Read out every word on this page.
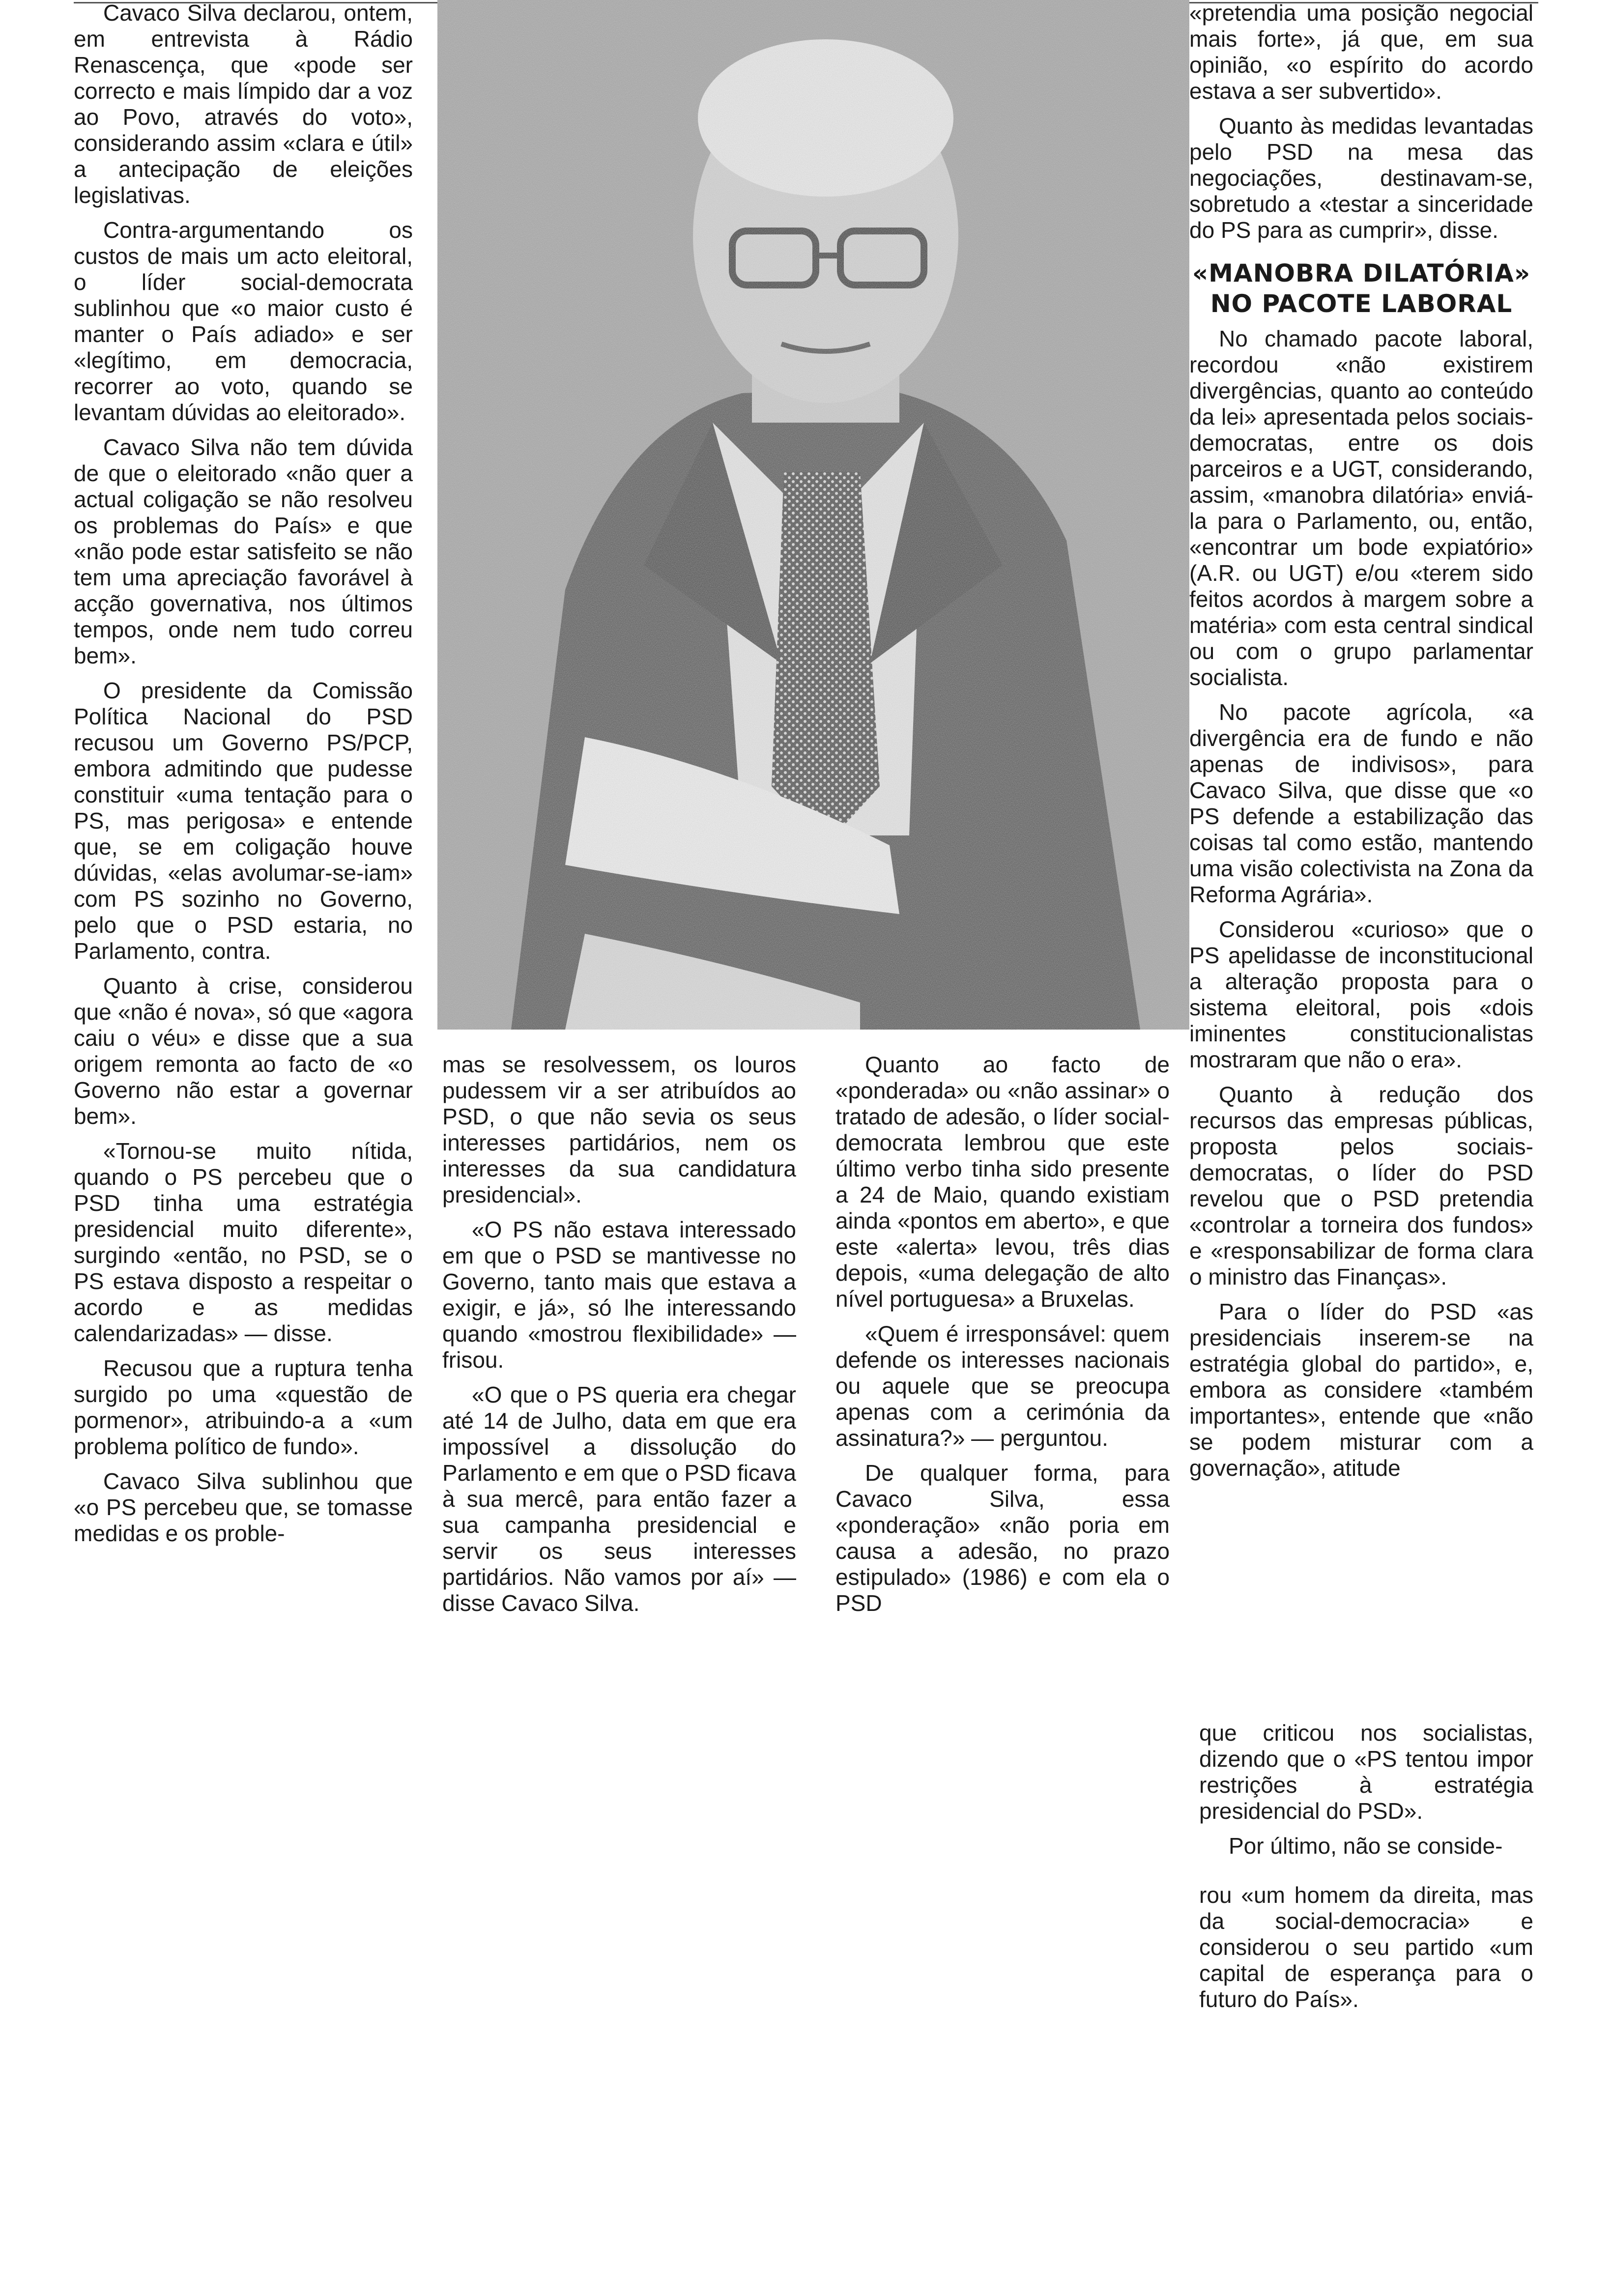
Cavaco Silva declarou, ontem, em entrevista à Rádio Renascença, que «pode ser correcto e mais límpido dar a voz ao Povo, através do voto», considerando assim «clara e útil» a antecipação de eleições legislativas.

Contra-argumentando os custos de mais um acto eleitoral, o líder social-democrata sublinhou que «o maior custo é manter o País adiado» e ser «legítimo, em democracia, recorrer ao voto, quando se levantam dúvidas ao eleitorado».

Cavaco Silva não tem dúvida de que o eleitorado «não quer a actual coligação se não resolveu os problemas do País» e que «não pode estar satisfeito se não tem uma apreciação favorável à acção governativa, nos últimos tempos, onde nem tudo correu bem».

O presidente da Comissão Política Nacional do PSD recusou um Governo PS/PCP, embora admitindo que pudesse constituir «uma tentação para o PS, mas perigosa» e entende que, se em coligação houve dúvidas, «elas avolumar-se-iam» com PS sozinho no Governo, pelo que o PSD estaria, no Parlamento, contra.

Quanto à crise, considerou que «não é nova», só que «agora caiu o véu» e disse que a sua origem remonta ao facto de «o Governo não estar a governar bem».

«Tornou-se muito nítida, quando o PS percebeu que o PSD tinha uma estratégia presidencial muito diferente», surgindo «então, no PSD, se o PS estava disposto a respeitar o acordo e as medidas calendarizadas» — disse.

Recusou que a ruptura tenha surgido po uma «questão de pormenor», atribuindo-a a «um problema político de fundo».

Cavaco Silva sublinhou que «o PS percebeu que, se tomasse medidas e os proble-

mas se resolvessem, os louros pudessem vir a ser atribuídos ao PSD, o que não sevia os seus interesses partidários, nem os interesses da sua candidatura presidencial».

«O PS não estava interessado em que o PSD se mantivesse no Governo, tanto mais que estava a exigir, e já», só lhe interessando quando «mostrou flexibilidade» — frisou.

«O que o PS queria era chegar até 14 de Julho, data em que era impossível a dissolução do Parlamento e em que o PSD ficava à sua mercê, para então fazer a sua campanha presidencial e servir os seus interesses partidários. Não vamos por aí» — disse Cavaco Silva.

Quanto ao facto de «ponderada» ou «não assinar» o tratado de adesão, o líder social-democrata lembrou que este último verbo tinha sido presente a 24 de Maio, quando existiam ainda «pontos em aberto», e que este «alerta» levou, três dias depois, «uma delegação de alto nível portuguesa» a Bruxelas.

«Quem é irresponsável: quem defende os interesses nacionais ou aquele que se preocupa apenas com a cerimónia da assinatura?» — perguntou.

De qualquer forma, para Cavaco Silva, essa «ponderação» «não poria em causa a adesão, no prazo estipulado» (1986) e com ela o PSD

«pretendia uma posição negocial mais forte», já que, em sua opinião, «o espírito do acordo estava a ser subvertido».

Quanto às medidas levantadas pelo PSD na mesa das negociações, destinavam-se, sobretudo a «testar a sinceridade do PS para as cumprir», disse.

«MANOBRA DILATÓRIA»
NO PACOTE LABORAL

No chamado pacote laboral, recordou «não existirem divergências, quanto ao conteúdo da lei» apresentada pelos sociais-democratas, entre os dois parceiros e a UGT, considerando, assim, «manobra dilatória» enviá-la para o Parlamento, ou, então, «encontrar um bode expiatório» (A.R. ou UGT) e/ou «terem sido feitos acordos à margem sobre a matéria» com esta central sindical ou com o grupo parlamentar socialista.

No pacote agrícola, «a divergência era de fundo e não apenas de indivisos», para Cavaco Silva, que disse que «o PS defende a estabilização das coisas tal como estão, mantendo uma visão colectivista na Zona da Reforma Agrária».

Considerou «curioso» que o PS apelidasse de inconstitucional a alteração proposta para o sistema eleitoral, pois «dois iminentes constitucionalistas mostraram que não o era».

Quanto à redução dos recursos das empresas públicas, proposta pelos sociais-democratas, o líder do PSD revelou que o PSD pretendia «controlar a torneira dos fundos» e «responsabilizar de forma clara o ministro das Finanças».

Para o líder do PSD «as presidenciais inserem-se na estratégia global do partido», e, embora as considere «também importantes», entende que «não se podem misturar com a governação», atitude

que criticou nos socialistas, dizendo que o «PS tentou impor restrições à estratégia presidencial do PSD».

Por último, não se conside-

rou «um homem da direita, mas da social-democracia» e considerou o seu partido «um capital de esperança para o futuro do País».
